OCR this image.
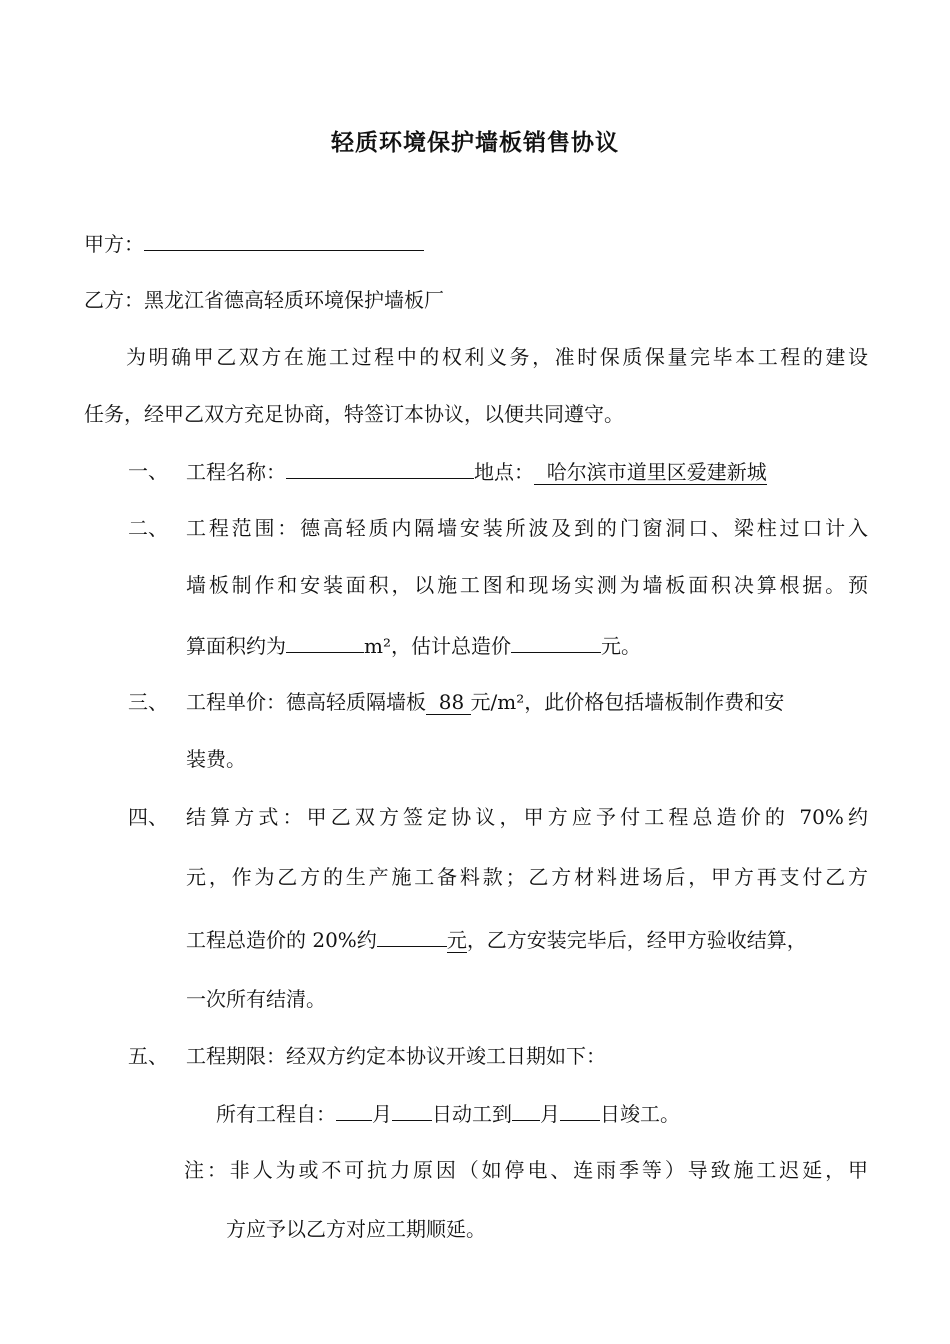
轻质环境保护墙板销售协议
甲方：
乙方：黑龙江省德高轻质环境保护墙板厂
为明确甲乙双方在施工过程中的权利义务，准时保质保量完毕本工程的建设
任务，经甲乙双方充足协商，特签订本协议，以便共同遵守。
一、 工程名称：	地点：  哈尔滨市道里区爱建新城
二、 工程范围：德高轻质内隔墙安装所波及到的门窗洞口、梁柱过口计入
墙板制作和安装面积，以施工图和现场实测为墙板面积决算根据。预
算面积约为	m²，估计总造价	元。
三、 工程单价：德高轻质隔墙板  88 元/m²，此价格包括墙板制作费和安
装费。
四、 结算方式：甲乙双方签定协议，甲方应予付工程总造价的 70%约
元，作为乙方的生产施工备料款；乙方材料进场后，甲方再支付乙方
工程总造价的 20%约	元，乙方安装完毕后，经甲方验收结算，
一次所有结清。
五、 工程期限：经双方约定本协议开竣工日期如下：
所有工程自： 月 日动工到 月 日竣工。
注：非人为或不可抗力原因（如停电、连雨季等）导致施工迟延，甲
方应予以乙方对应工期顺延。
